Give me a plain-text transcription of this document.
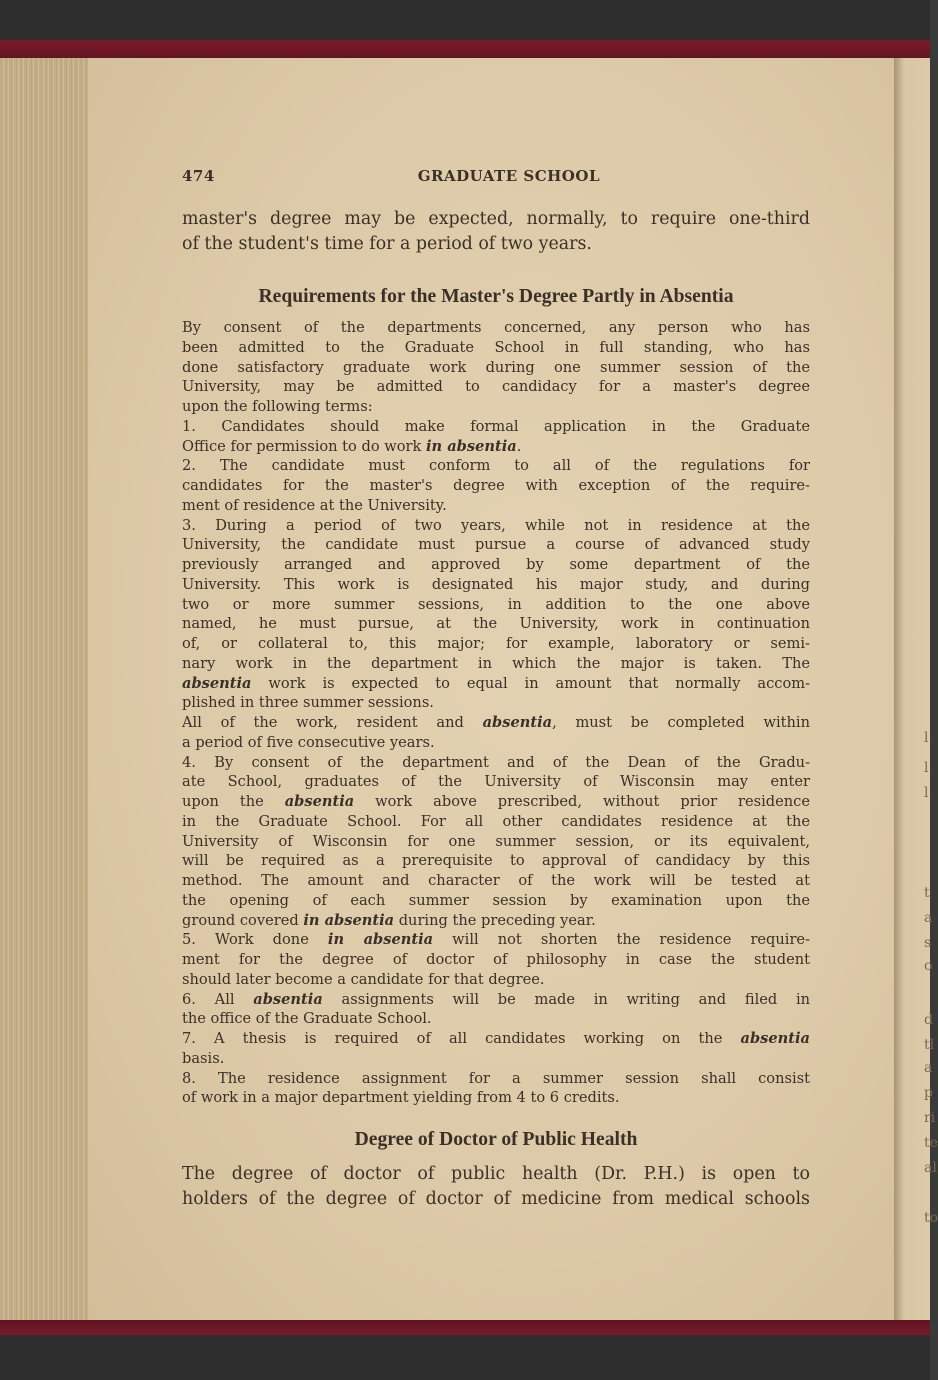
l
l
l
t
a
s
o
d
tl
a
p
ri
te
al
to
474	GRADUATE SCHOOL
master's degree may be expected, normally, to require one-third
of the student's time for a period of two years.
Requirements for the Master's Degree Partly in Absentia
By consent of the departments concerned, any person who has
been admitted to the Graduate School in full standing, who has
done satisfactory graduate work during one summer session of the
University, may be admitted to candidacy for a master's degree
upon the following terms:
1. Candidates should make formal application in the Graduate
Office for permission to do work in absentia.
2. The candidate must conform to all of the regulations for
candidates for the master's degree with exception of the require-
ment of residence at the University.
3. During a period of two years, while not in residence at the
University, the candidate must pursue a course of advanced study
previously arranged and approved by some department of the
University. This work is designated his major study, and during
two or more summer sessions, in addition to the one above
named, he must pursue, at the University, work in continuation
of, or collateral to, this major; for example, laboratory or semi-
nary work in the department in which the major is taken. The
absentia work is expected to equal in amount that normally accom-
plished in three summer sessions.
All of the work, resident and absentia, must be completed within
a period of five consecutive years.
4. By consent of the department and of the Dean of the Gradu-
ate School, graduates of the University of Wisconsin may enter
upon the absentia work above prescribed, without prior residence
in the Graduate School. For all other candidates residence at the
University of Wisconsin for one summer session, or its equivalent,
will be required as a prerequisite to approval of candidacy by this
method. The amount and character of the work will be tested at
the opening of each summer session by examination upon the
ground covered in absentia during the preceding year.
5. Work done in absentia will not shorten the residence require-
ment for the degree of doctor of philosophy in case the student
should later become a candidate for that degree.
6. All absentia assignments will be made in writing and filed in
the office of the Graduate School.
7. A thesis is required of all candidates working on the absentia
basis.
8. The residence assignment for a summer session shall consist
of work in a major department yielding from 4 to 6 credits.
Degree of Doctor of Public Health
The degree of doctor of public health (Dr. P.H.) is open to
holders of the degree of doctor of medicine from medical schools
